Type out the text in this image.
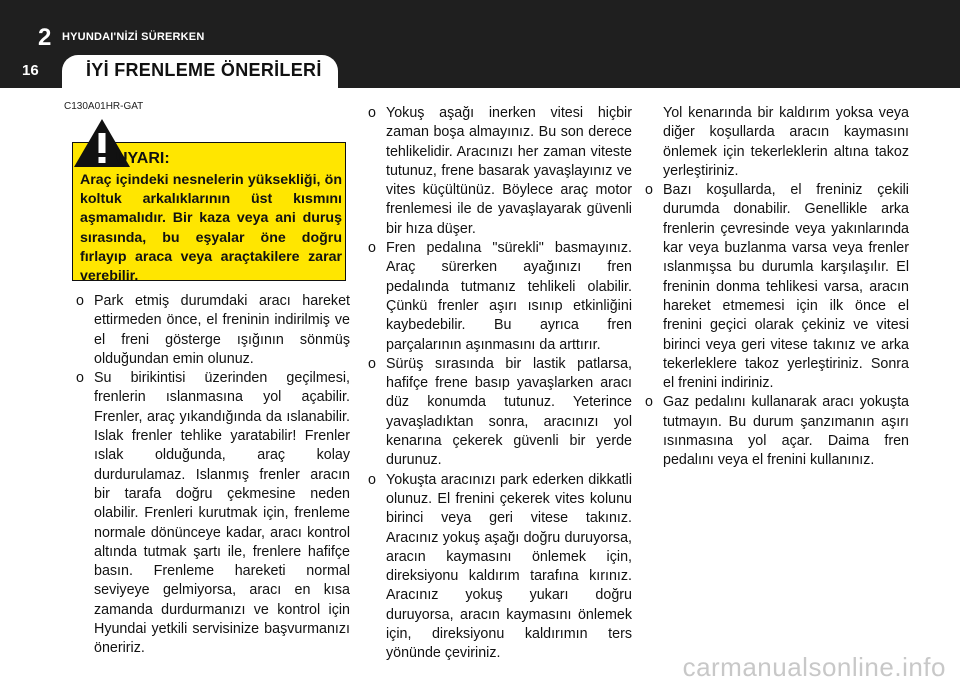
2 HYUNDAI'NİZİ SÜRERKEN
16	İYİ FRENLEME ÖNERİLERİ
C130A01HR-GAT
UYARI:
Araç içindeki nesnelerin yüksekliği, ön koltuk arkalıklarının üst kısmını aşmamalıdır. Bir kaza veya ani duruş sırasında, bu eşyalar öne doğru fırlayıp araca veya araçtakilere zarar verebilir.
o Park etmiş durumdaki aracı hareket ettirmeden önce, el freninin indirilmiş ve el freni gösterge ışığının sönmüş olduğundan emin olunuz.
o Su birikintisi üzerinden geçilmesi, frenlerin ıslanmasına yol açabilir. Frenler, araç yıkandığında da ıslanabilir. Islak frenler tehlike yaratabilir! Frenler ıslak olduğunda, araç kolay durdurulamaz. Islanmış frenler aracın bir tarafa doğru çekmesine neden olabilir. Frenleri kurutmak için, frenleme normale dönünceye kadar, aracı kontrol altında tutmak şartı ile, frenlere hafifçe basın. Frenleme hareketi normal seviyeye gelmiyorsa, aracı en kısa zamanda durdurmanızı ve kontrol için Hyundai yetkili servisinize başvurmanızı öneririz.
o Yokuş aşağı inerken vitesi hiçbir zaman boşa almayınız. Bu son derece tehlikelidir. Aracınızı her zaman viteste tutunuz, frene basarak yavaşlayınız ve vites küçültünüz. Böylece araç motor frenlemesi ile de yavaşlayarak güvenli bir hıza düşer.
o Fren pedalına "sürekli" basmayınız. Araç sürerken ayağınızı fren pedalında tutmanız tehlikeli olabilir. Çünkü frenler aşırı ısınıp etkinliğini kaybedebilir. Bu ayrıca fren parçalarının aşınmasını da arttırır.
o Sürüş sırasında bir lastik patlarsa, hafifçe frene basıp yavaşlarken aracı düz konumda tutunuz. Yeterince yavaşladıktan sonra, aracınızı yol kenarına çekerek güvenli bir yerde durunuz.
o Yokuşta aracınızı park ederken dikkatli olunuz. El frenini çekerek vites kolunu birinci veya geri vitese takınız. Aracınız yokuş aşağı doğru duruyorsa, aracın kaymasını önlemek için, direksiyonu kaldırım tarafına kırınız. Aracınız yokuş yukarı doğru duruyorsa, aracın kaymasını önlemek için, direksiyonu kaldırımın ters yönünde çeviriniz.
Yol kenarında bir kaldırım yoksa veya diğer koşullarda aracın kaymasını önlemek için tekerleklerin altına takoz yerleştiriniz.
o Bazı koşullarda, el freniniz çekili durumda donabilir. Genellikle arka frenlerin çevresinde veya yakınlarında kar veya buzlanma varsa veya frenler ıslanmışsa bu durumla karşılaşılır. El freninin donma tehlikesi varsa, aracın hareket etmemesi için ilk önce el frenini geçici olarak çekiniz ve vitesi birinci veya geri vitese takınız ve arka tekerleklere takoz yerleştiriniz. Sonra el frenini indiriniz.
o Gaz pedalını kullanarak aracı yokuşta tutmayın. Bu durum şanzımanın aşırı ısınmasına yol açar. Daima fren pedalını veya el frenini kullanınız.
carmanualsonline.info
